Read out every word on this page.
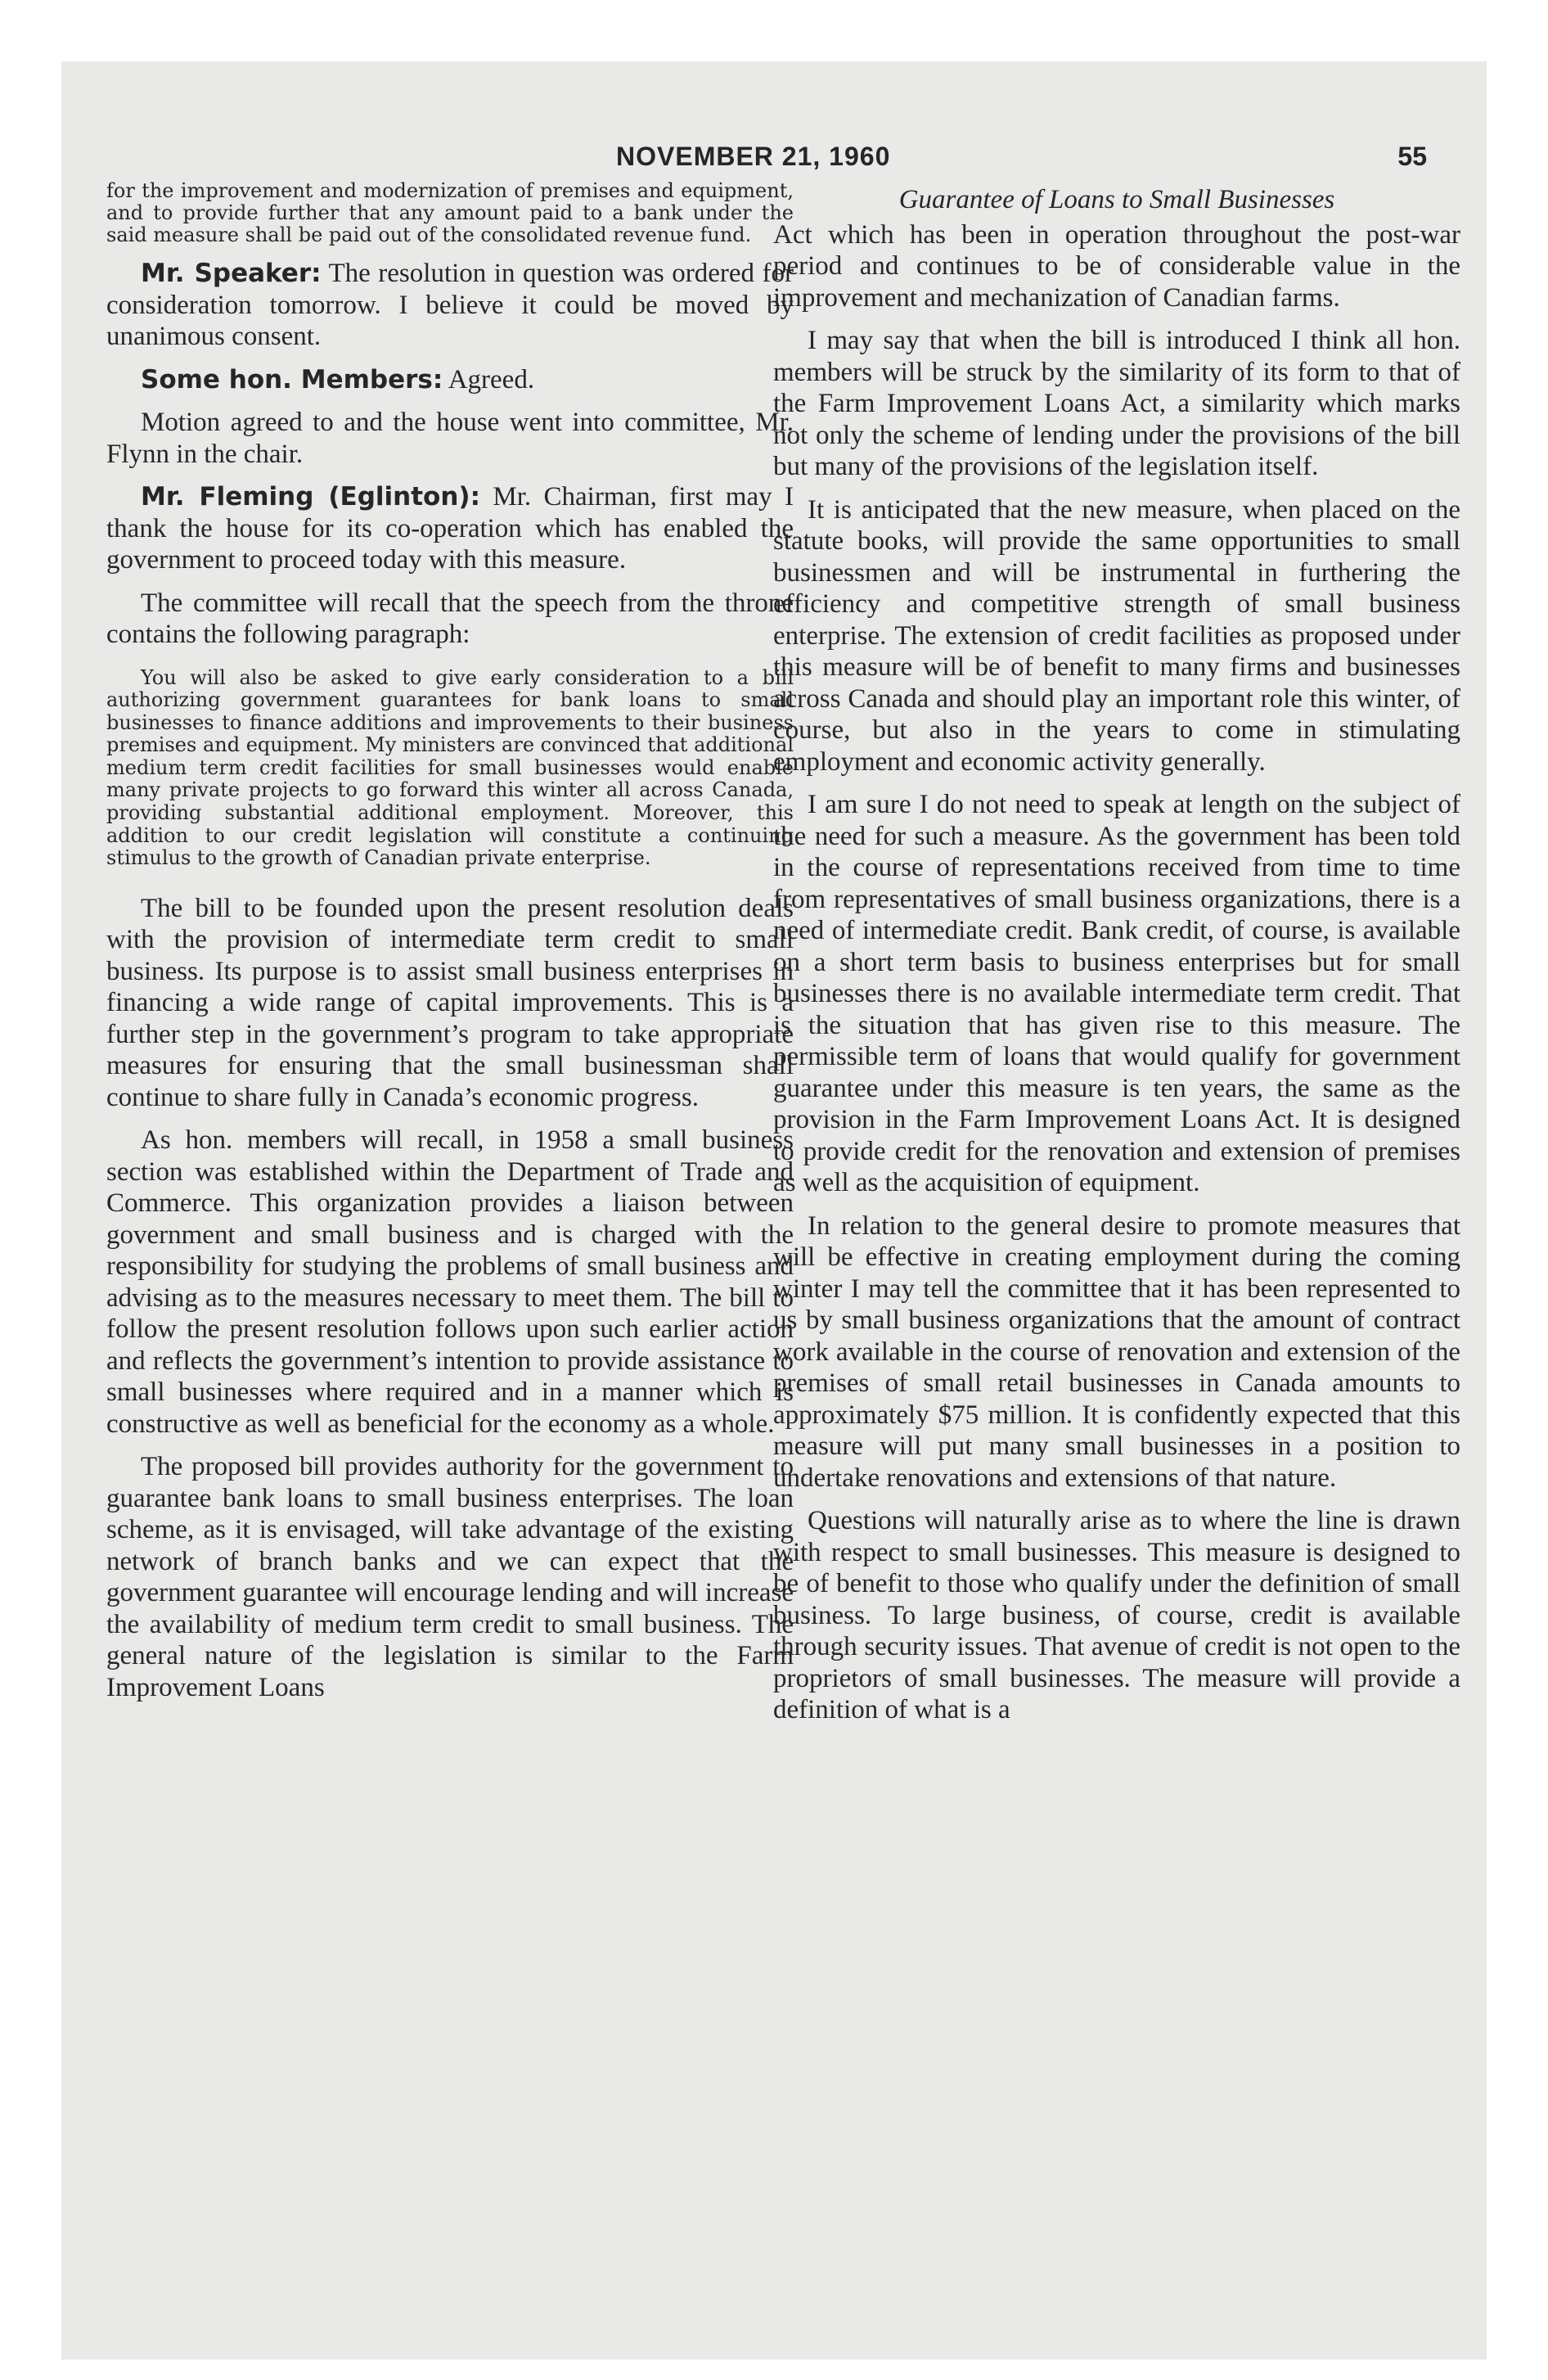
NOVEMBER 21, 1960	55

for the improvement and modernization of premises and equipment, and to provide further that any amount paid to a bank under the said measure shall be paid out of the consolidated revenue fund.

Mr. Speaker: The resolution in question was ordered for consideration tomorrow. I believe it could be moved by unanimous consent.

Some hon. Members: Agreed.

Motion agreed to and the house went into committee, Mr. Flynn in the chair.

Mr. Fleming (Eglinton): Mr. Chairman, first may I thank the house for its co-operation which has enabled the government to proceed today with this measure.

The committee will recall that the speech from the throne contains the following paragraph:

You will also be asked to give early consideration to a bill authorizing government guarantees for bank loans to small businesses to finance additions and improvements to their business premises and equipment. My ministers are convinced that additional medium term credit facilities for small businesses would enable many private projects to go forward this winter all across Canada, providing substantial additional employment. Moreover, this addition to our credit legislation will constitute a continuing stimulus to the growth of Canadian private enterprise.

The bill to be founded upon the present resolution deals with the provision of intermediate term credit to small business. Its purpose is to assist small business enterprises in financing a wide range of capital improvements. This is a further step in the government’s program to take appropriate measures for ensuring that the small businessman shall continue to share fully in Canada’s economic progress.

As hon. members will recall, in 1958 a small business section was established within the Department of Trade and Commerce. This organization provides a liaison between government and small business and is charged with the responsibility for studying the problems of small business and advising as to the measures necessary to meet them. The bill to follow the present resolution follows upon such earlier action and reflects the government’s intention to provide assistance to small businesses where required and in a manner which is constructive as well as beneficial for the economy as a whole.

The proposed bill provides authority for the government to guarantee bank loans to small business enterprises. The loan scheme, as it is envisaged, will take advantage of the existing network of branch banks and we can expect that the government guarantee will encourage lending and will increase the availability of medium term credit to small business. The general nature of the legislation is similar to the Farm Improvement Loans

Guarantee of Loans to Small Businesses

Act which has been in operation throughout the post-war period and continues to be of considerable value in the improvement and mechanization of Canadian farms.

I may say that when the bill is introduced I think all hon. members will be struck by the similarity of its form to that of the Farm Improvement Loans Act, a similarity which marks not only the scheme of lending under the provisions of the bill but many of the provisions of the legislation itself.

It is anticipated that the new measure, when placed on the statute books, will provide the same opportunities to small businessmen and will be instrumental in furthering the efficiency and competitive strength of small business enterprise. The extension of credit facilities as proposed under this measure will be of benefit to many firms and businesses across Canada and should play an important role this winter, of course, but also in the years to come in stimulating employment and economic activity generally.

I am sure I do not need to speak at length on the subject of the need for such a measure. As the government has been told in the course of representations received from time to time from representatives of small business organizations, there is a need of intermediate credit. Bank credit, of course, is available on a short term basis to business enterprises but for small businesses there is no available intermediate term credit. That is the situation that has given rise to this measure. The permissible term of loans that would qualify for government guarantee under this measure is ten years, the same as the provision in the Farm Improvement Loans Act. It is designed to provide credit for the renovation and extension of premises as well as the acquisition of equipment.

In relation to the general desire to promote measures that will be effective in creating employment during the coming winter I may tell the committee that it has been represented to us by small business organizations that the amount of contract work available in the course of renovation and extension of the premises of small retail businesses in Canada amounts to approximately $75 million. It is confidently expected that this measure will put many small businesses in a position to undertake renovations and extensions of that nature.

Questions will naturally arise as to where the line is drawn with respect to small businesses. This measure is designed to be of benefit to those who qualify under the definition of small business. To large business, of course, credit is available through security issues. That avenue of credit is not open to the proprietors of small businesses. The measure will provide a definition of what is a
